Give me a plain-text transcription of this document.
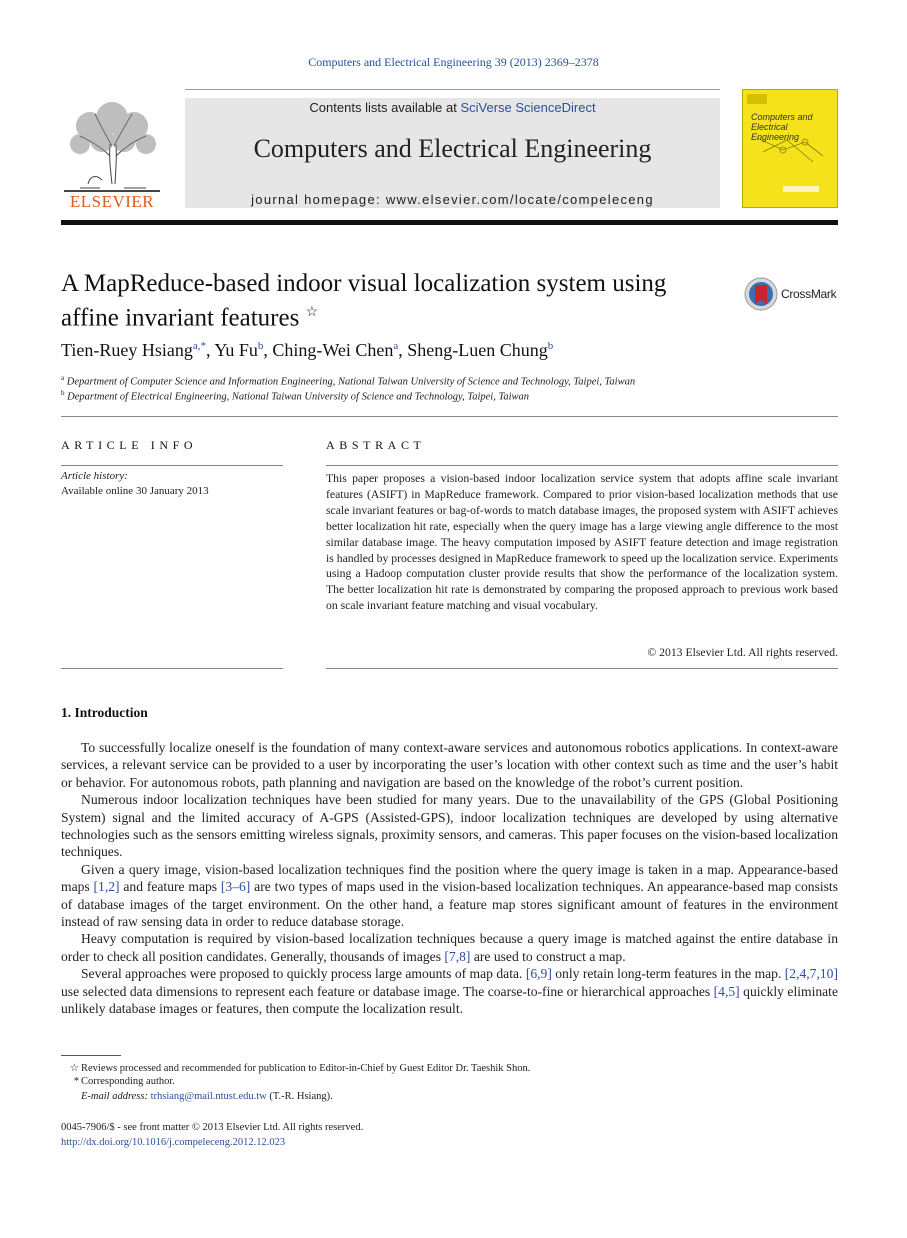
Computers and Electrical Engineering 39 (2013) 2369–2378
ELSEVIER
Contents lists available at SciVerse ScienceDirect
Computers and Electrical Engineering
journal homepage: www.elsevier.com/locate/compeleceng
Computers and Electrical Engineering
A MapReduce-based indoor visual localization system using affine invariant features ☆
CrossMark
Tien-Ruey Hsiang$^{a,*}$, Yu Fu$^b$, Ching-Wei Chen$^a$, Sheng-Luen Chung$^b$
$^a$ Department of Computer Science and Information Engineering, National Taiwan University of Science and Technology, Taipei, Taiwan
$^b$ Department of Electrical Engineering, National Taiwan University of Science and Technology, Taipei, Taiwan
ARTICLE INFO
Article history:
Available online 30 January 2013
ABSTRACT
This paper proposes a vision-based indoor localization service system that adopts affine scale invariant features (ASIFT) in MapReduce framework. Compared to prior vision-based localization methods that use scale invariant features or bag-of-words to match database images, the proposed system with ASIFT achieves better localization hit rate, especially when the query image has a large viewing angle difference to the most similar database image. The heavy computation imposed by ASIFT feature detection and image registration is handled by processes designed in MapReduce framework to speed up the localization service. Experiments using a Hadoop computation cluster provide results that show the performance of the localization system. The better localization hit rate is demonstrated by comparing the proposed approach to previous work based on scale invariant feature matching and visual vocabulary.
© 2013 Elsevier Ltd. All rights reserved.
1. Introduction

To successfully localize oneself is the foundation of many context-aware services and autonomous robotics applications. In context-aware services, a relevant service can be provided to a user by incorporating the user’s location with other context such as time and the user’s habit or behavior. For autonomous robots, path planning and navigation are based on the knowledge of the robot’s current position.

Numerous indoor localization techniques have been studied for many years. Due to the unavailability of the GPS (Global Positioning System) signal and the limited accuracy of A-GPS (Assisted-GPS), indoor localization techniques are developed by using alternative technologies such as the sensors emitting wireless signals, proximity sensors, and cameras. This paper focuses on the vision-based localization techniques.

Given a query image, vision-based localization techniques find the position where the query image is taken in a map. Appearance-based maps [1,2] and feature maps [3–6] are two types of maps used in the vision-based localization techniques. An appearance-based map consists of database images of the target environment. On the other hand, a feature map stores significant amount of features in the environment instead of raw sensing data in order to reduce database storage.

Heavy computation is required by vision-based localization techniques because a query image is matched against the entire database in order to check all position candidates. Generally, thousands of images [7,8] are used to construct a map.

Several approaches were proposed to quickly process large amounts of map data. [6,9] only retain long-term features in the map. [2,4,7,10] use selected data dimensions to represent each feature or database image. The coarse-to-fine or hierarchical approaches [4,5] quickly eliminate unlikely database images or features, then compute the localization result.

☆ Reviews processed and recommended for publication to Editor-in-Chief by Guest Editor Dr. Taeshik Shon.
* Corresponding author.
E-mail address: trhsiang@mail.ntust.edu.tw (T.-R. Hsiang).
0045-7906/$ - see front matter © 2013 Elsevier Ltd. All rights reserved.
http://dx.doi.org/10.1016/j.compeleceng.2012.12.023
